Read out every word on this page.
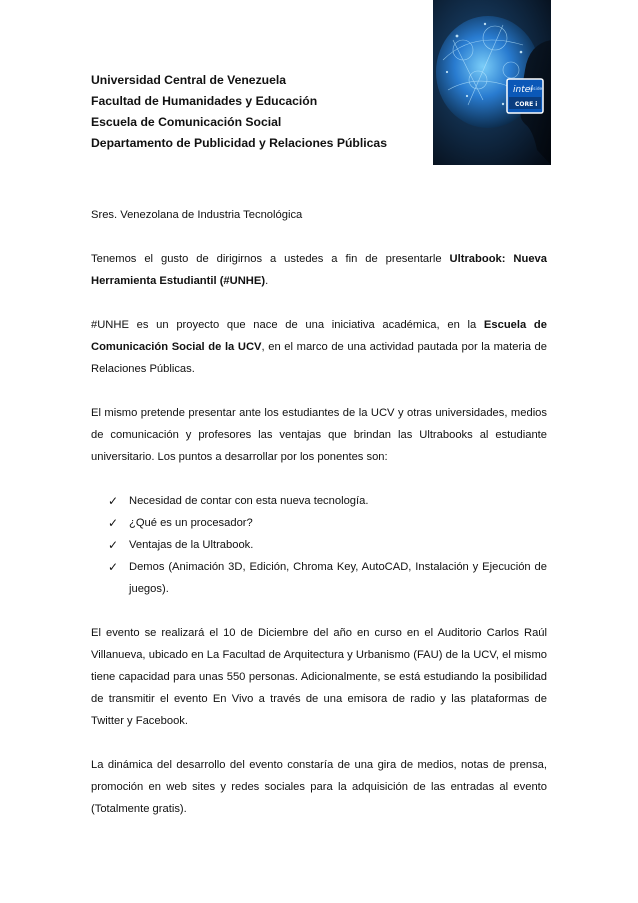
Universidad Central de Venezuela
Facultad de Humanidades y Educación
Escuela de Comunicación Social
Departamento de Publicidad y Relaciones Públicas
intel
inside
CORE i

Sres. Venezolana de Industria Tecnológica

Tenemos el gusto de dirigirnos a ustedes a fin de presentarle Ultrabook: Nueva Herramienta Estudiantil (#UNHE).

#UNHE es un proyecto que nace de una iniciativa académica, en la Escuela de Comunicación Social de la UCV, en el marco de una actividad pautada por la materia de Relaciones Públicas.

El mismo pretende presentar ante los estudiantes de la UCV y otras universidades, medios de comunicación y profesores las ventajas que brindan las Ultrabooks al estudiante universitario. Los puntos a desarrollar por los ponentes son:

✓ Necesidad de contar con esta nueva tecnología.
✓ ¿Qué es un procesador?
✓ Ventajas de la Ultrabook.
✓ Demos (Animación 3D, Edición, Chroma Key, AutoCAD, Instalación y Ejecución de juegos).

El evento se realizará el 10 de Diciembre del año en curso en el Auditorio Carlos Raúl Villanueva, ubicado en La Facultad de Arquitectura y Urbanismo (FAU) de la UCV, el mismo tiene capacidad para unas 550 personas. Adicionalmente, se está estudiando la posibilidad de transmitir el evento En Vivo a través de una emisora de radio y las plataformas de Twitter y Facebook.

La dinámica del desarrollo del evento constaría de una gira de medios, notas de prensa, promoción en web sites y redes sociales para la adquisición de las entradas al evento (Totalmente gratis).
